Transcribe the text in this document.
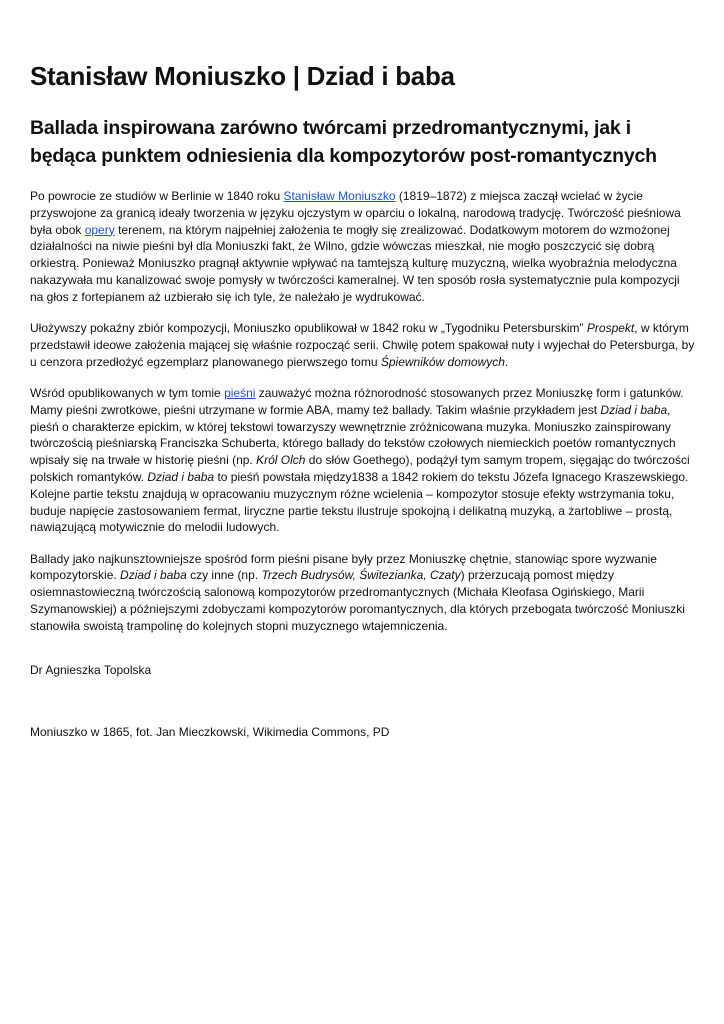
Stanisław Moniuszko | Dziad i baba
Ballada inspirowana zarówno twórcami przedromantycznymi, jak i będąca punktem odniesienia dla kompozytorów post-romantycznych

Po powrocie ze studiów w Berlinie w 1840 roku Stanisław Moniuszko (1819–1872) z miejsca zaczął wcielać w życie przyswojone za granicą ideały tworzenia w języku ojczystym w oparciu o lokalną, narodową tradycję. Twórczość pieśniowa była obok opery terenem, na którym najpełniej założenia te mogły się zrealizować. Dodatkowym motorem do wzmożonej działalności na niwie pieśni był dla Moniuszki fakt, że Wilno, gdzie wówczas mieszkał, nie mogło poszczycić się dobrą orkiestrą. Ponieważ Moniuszko pragnął aktywnie wpływać na tamtejszą kulturę muzyczną, wielka wyobraźnia melodyczna nakazywała mu kanalizować swoje pomysły w twórczości kameralnej. W ten sposób rosła systematycznie pula kompozycji na głos z fortepianem aż uzbierało się ich tyle, że należało je wydrukować.

Ułożywszy pokaźny zbiór kompozycji, Moniuszko opublikował w 1842 roku w „Tygodniku Petersburskim” Prospekt, w którym przedstawił ideowe założenia mającej się właśnie rozpocząć serii. Chwilę potem spakował nuty i wyjechał do Petersburga, by u cenzora przedłożyć egzemplarz planowanego pierwszego tomu Śpiewników domowych.

Wśród opublikowanych w tym tomie pieśni zauważyć można różnorodność stosowanych przez Moniuszkę form i gatunków. Mamy pieśni zwrotkowe, pieśni utrzymane w formie ABA, mamy też ballady. Takim właśnie przykładem jest Dziad i baba, pieśń o charakterze epickim, w której tekstowi towarzyszy wewnętrznie zróżnicowana muzyka. Moniuszko zainspirowany twórczością pieśniarską Franciszka Schuberta, którego ballady do tekstów czołowych niemieckich poetów romantycznych wpisały się na trwałe w historię pieśni (np. Król Olch do słów Goethego), podążył tym samym tropem, sięgając do twórczości polskich romantyków. Dziad i baba to pieśń powstała między1838 a 1842 rokiem do tekstu Józefa Ignacego Kraszewskiego. Kolejne partie tekstu znajdują w opracowaniu muzycznym różne wcielenia – kompozytor stosuje efekty wstrzymania toku, buduje napięcie zastosowaniem fermat, liryczne partie tekstu ilustruje spokojną i delikatną muzyką, a żartobliwe – prostą, nawiązującą motywicznie do melodii ludowych.

Ballady jako najkunsztowniejsze spośród form pieśni pisane były przez Moniuszkę chętnie, stanowiąc spore wyzwanie kompozytorskie. Dziad i baba czy inne (np. Trzech Budrysów, Świtezianka, Czaty) przerzucają pomost między osiemnastowieczną twórczością salonową kompozytorów przedromantycznych (Michała Kleofasa Ogińskiego, Marii Szymanowskiej) a późniejszymi zdobyczami kompozytorów poromantycznych, dla których przebogata twórczość Moniuszki stanowiła swoistą trampolinę do kolejnych stopni muzycznego wtajemniczenia.

Dr Agnieszka Topolska

Moniuszko w 1865, fot. Jan Mieczkowski, Wikimedia Commons, PD
